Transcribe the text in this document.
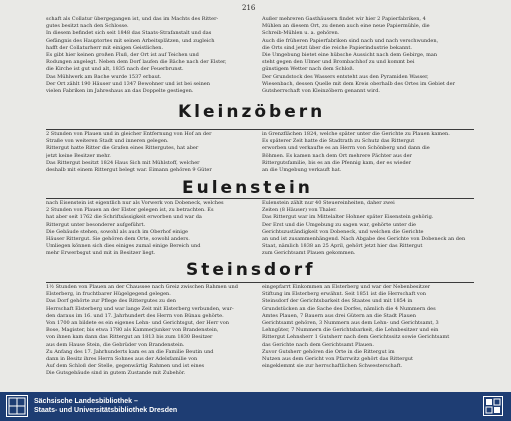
216

schaft als Collatur übergegangen ist, und das im Machts des Ritter-

gutes besitzt nach den Schlosse.

In diesem befindet sich seit 1848 das Staats-Strafanstalt und das

Gefängnis des Hauptortes mit seinen Arbeitsplätzen, und zugleich

hafft der Collaturherr mit einigen Geistlichen.

Es gibt hier keinen großen Fluß, der Ort ist auf Teichen und

Rodungen angelegt. Neben dem Dorf laufen die Bäche nach der Elster,

die Kirche ist gut und alt, 1835 nach der Feuerbrunst.

Das Mühlwerk am Bache wurde 1537 erbaut.

Der Ort zählt 190 Häuser und 1347 Bewohner und ist bei seinen

vielen Fabriken im Jahreshaus an das Doppelte gestiegen.

Außer mehreren Gasthäusern findet wir hier 2 Papierfabriken, 4

Mühlen an diesem Ort, zu denen auch eine neue Papiermühle, die

Schreib-Mühlen u. a. gehören.

Auch die früheren Papierfabriken sind nach und nach verschwunden,

die Orts sind jetzt über die reiche Papierindustrie bekannt.

Die Umgebung bietet eine hübsche Aussicht nach dem Gebirge, man

steht gegen den Ulmer und Brombachhof zu und kommt bei

günstigem Wetter nach dem Schloß.

Der Grundstock des Wassers entsteht aus den Pyramiden Wasser,

Wiesenbach, dessen Quelle mit dem Kreis oberhalb des Ortes im Gebiet der

Gutsherrschaft von Kleinzöbern genannt wird.

Kleinzöbern

2 Stunden von Plauen und in gleicher Entfernung von Hof an der

Straße von weiteren Stadt und inneren gelegen.

Rittergut hatte Ritter die Grafen eines Rittergutes, hat aber

jetzt keine Besitzer mehr.

Das Rittergut besitzt 1824 Haus Sich mit Mühlstoff, welcher

deshalb mit einem Rittergut belegt war. Eimann gehören 9 Güter

in Grenzflächen 1824, welche später unter die Gerichte zu Plauen kamen.

Es späterer Zeit hatte die Stadtrath zu Schutz das Rittergut

erworben und verkaufte es an Herrn von Schönberg und dann die

Böhmen. Es kamen nach dem Ort mehrere Pächter aus der

Rittergutsfamilie, bis es an die Pfennig kam, der es wieder

an die Umgebung verkauft hat.

Eulenstein

nach Eisenstein ist eigentlich nur als Vorwerk von Dobeneck, welches

2 Stunden von Plauen an der Elster gelegen ist, zu betrachten. Es

hat aber seit 1762 die Schriftsässigkeit erworben und war da

Rittergut unter besonderer aufgeführt.

Die Gebäude stehen, sowohl als auch im Oberhof einige

Häuser Rittergut. Sie gehören dem Orte, sowohl anders.

Umliegen können sich dies einiges zumal einige Bereich und

mehr Erwerbsgut und mit in Besitzer liegt.

Eulenstein zählt nur 40 Steuereinheiten, daher zwei

Zeiten (8 Häuser) von Thaler.

Das Rittergut war im Mittelalter Hohner später Eisenstein gehörig.

Der Erst und die Umgebung zu sagen war, gehörte unter die

Gerichtszuständigkeit von Dobeneck, und welchen die Gerichte

an und ist zusammenhängend. Nach Abgabe des Gerichte von Dobeneck an den

Staat, nämlich 1838 an 25 April, gehört jetzt hier das Rittergut

zum Gerichtsamt Plauen gekommen.

Steinsdorf

1½ Stunden von Plauen an der Chaussee nach Greiz zwischen Rahmen und

Elsterberg, in fruchtbarer Hügelgegend gelegen.

Das Dorf gehörte zur Pflege des Rittergutes zu den

Herrschaft Elsterberg und war lange Zeit mit Elsterberg verbunden, wur-

den daraus im 16. und 17. Jahrhundert des Herrn von Bünau gehörte.

Von 1700 an bildete es ein eigenes Lehn- und Gerichtsgut, der Herr von

Bose, Magister, bis etwa 1780 als Kammerjunker von Brandenstein,

von ihnen kam dann das Rittergut an 1813 bis zum 1830 Besitzer

aus dem Hause Stein, die Gebrüder von Brandenstein.

Zu Anfang des 17. Jahrhunderts kam es an die Familie Beutin und

dann in Besitz ihres Herrn Sohnes aus der Adelsfamilie von

Auf dem Schloß der Stelle, gegenwärtig Rahmen und ist eines

Die Gutsgebäude sind in gutem Zustande mit Zubehör.

eingepfarrt Einkommen an Elsterberg und war der Nebenbesitzer

Stiftung im Elsterberg erwähnt. Seit 1851 ist die Herrschaft von

Steinsdorf der Gerichtsbarkeit des Staates und mit 1854 in

Grundstücken an die Sache des Dorfes, nämlich die 4 Nummern des

Amtes Plauen, 7 Bauern aus drei Gütern an die Stadt Plauen

Gerichtsamt gehören, 3 Nummern aus dem Lehn- und Gerichtsamt, 3

Lehngüter, 7 Nummern die Gerichtsbarkeit, die Lehnbesitzer und ein

Rittergut Lehnsherr 1 Gutsherr nach dem Gerichtssitz sowie Gerichtsamt

das Gerichte nach dem Gerichtsamt Plauen.

Zuvor Gutsherr gehören die Orte in die Rittergut im

Nutzen aus dem Gericht von Pfarrwitz gehört das Rittergut

eingeklemmt sie zur herrschaftlichen Schwesterschaft.

Sächsische Landesbibliothek –
Staats- und Universitätsbibliothek Dresden
